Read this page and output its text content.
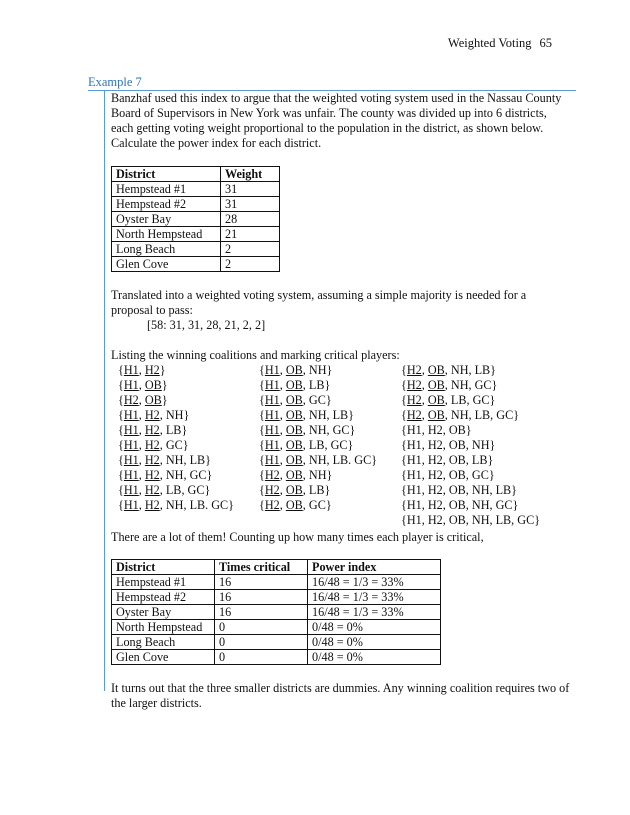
Weighted Voting 65
Example 7

Banzhaf used this index to argue that the weighted voting system used in the Nassau County Board of Supervisors in New York was unfair. The county was divided up into 6 districts, each getting voting weight proportional to the population in the district, as shown below. Calculate the power index for each district.

District	Weight
Hempstead #1	31
Hempstead #2	31
Oyster Bay	28
North Hempstead	21
Long Beach	2
Glen Cove	2

Translated into a weighted voting system, assuming a simple majority is needed for a proposal to pass:

[58: 31, 31, 28, 21, 2, 2]

Listing the winning coalitions and marking critical players:

{H1, H2}
{H1, OB}
{H2, OB}
{H1, H2, NH}
{H1, H2, LB}
{H1, H2, GC}
{H1, H2, NH, LB}
{H1, H2, NH, GC}
{H1, H2, LB, GC}
{H1, H2, NH, LB. GC}
{H1, OB, NH}
{H1, OB, LB}
{H1, OB, GC}
{H1, OB, NH, LB}
{H1, OB, NH, GC}
{H1, OB, LB, GC}
{H1, OB, NH, LB. GC}
{H2, OB, NH}
{H2, OB, LB}
{H2, OB, GC}
{H2, OB, NH, LB}
{H2, OB, NH, GC}
{H2, OB, LB, GC}
{H2, OB, NH, LB, GC}
{H1, H2, OB}
{H1, H2, OB, NH}
{H1, H2, OB, LB}
{H1, H2, OB, GC}
{H1, H2, OB, NH, LB}
{H1, H2, OB, NH, GC}
{H1, H2, OB, NH, LB, GC}

There are a lot of them! Counting up how many times each player is critical,

District	Times critical	Power index
Hempstead #1	16	16/48 = 1/3 = 33%
Hempstead #2	16	16/48 = 1/3 = 33%
Oyster Bay	16	16/48 = 1/3 = 33%
North Hempstead	0	0/48 = 0%
Long Beach	0	0/48 = 0%
Glen Cove	0	0/48 = 0%

It turns out that the three smaller districts are dummies. Any winning coalition requires two of the larger districts.
